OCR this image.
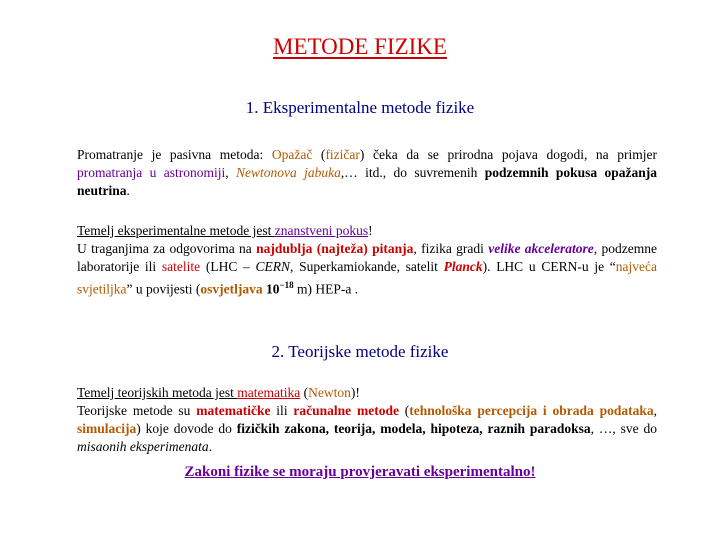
METODE FIZIKE
1. Eksperimentalne metode fizike
Promatranje je pasivna metoda: Opažač (fizičar) čeka da se prirodna pojava dogodi, na primjer promatranja u astronomiji, Newtonova jabuka,… itd., do suvremenih podzemnih pokusa opažanja neutrina.
Temelj eksperimentalne metode jest znanstveni pokus!
U traganjima za odgovorima na najdublja (najteža) pitanja, fizika gradi velike akceleratore, podzemne laboratorije ili satelite (LHC – CERN, Superkamiokande, satelit Planck). LHC u CERN-u je “najveća svjetiljka” u povijesti (osvjetljava $10^{-18}$ m) HEP-a .
2. Teorijske metode fizike
Temelj teorijskih metoda jest matematika (Newton)!
Teorijske metode su matematičke ili računalne metode (tehnološka percepcija i obrada podataka, simulacija) koje dovode do fizičkih zakona, teorija, modela, hipoteza, raznih paradoksa, …, sve do misaonih eksperimenata.
Zakoni fizike se moraju provjeravati eksperimentalno!
